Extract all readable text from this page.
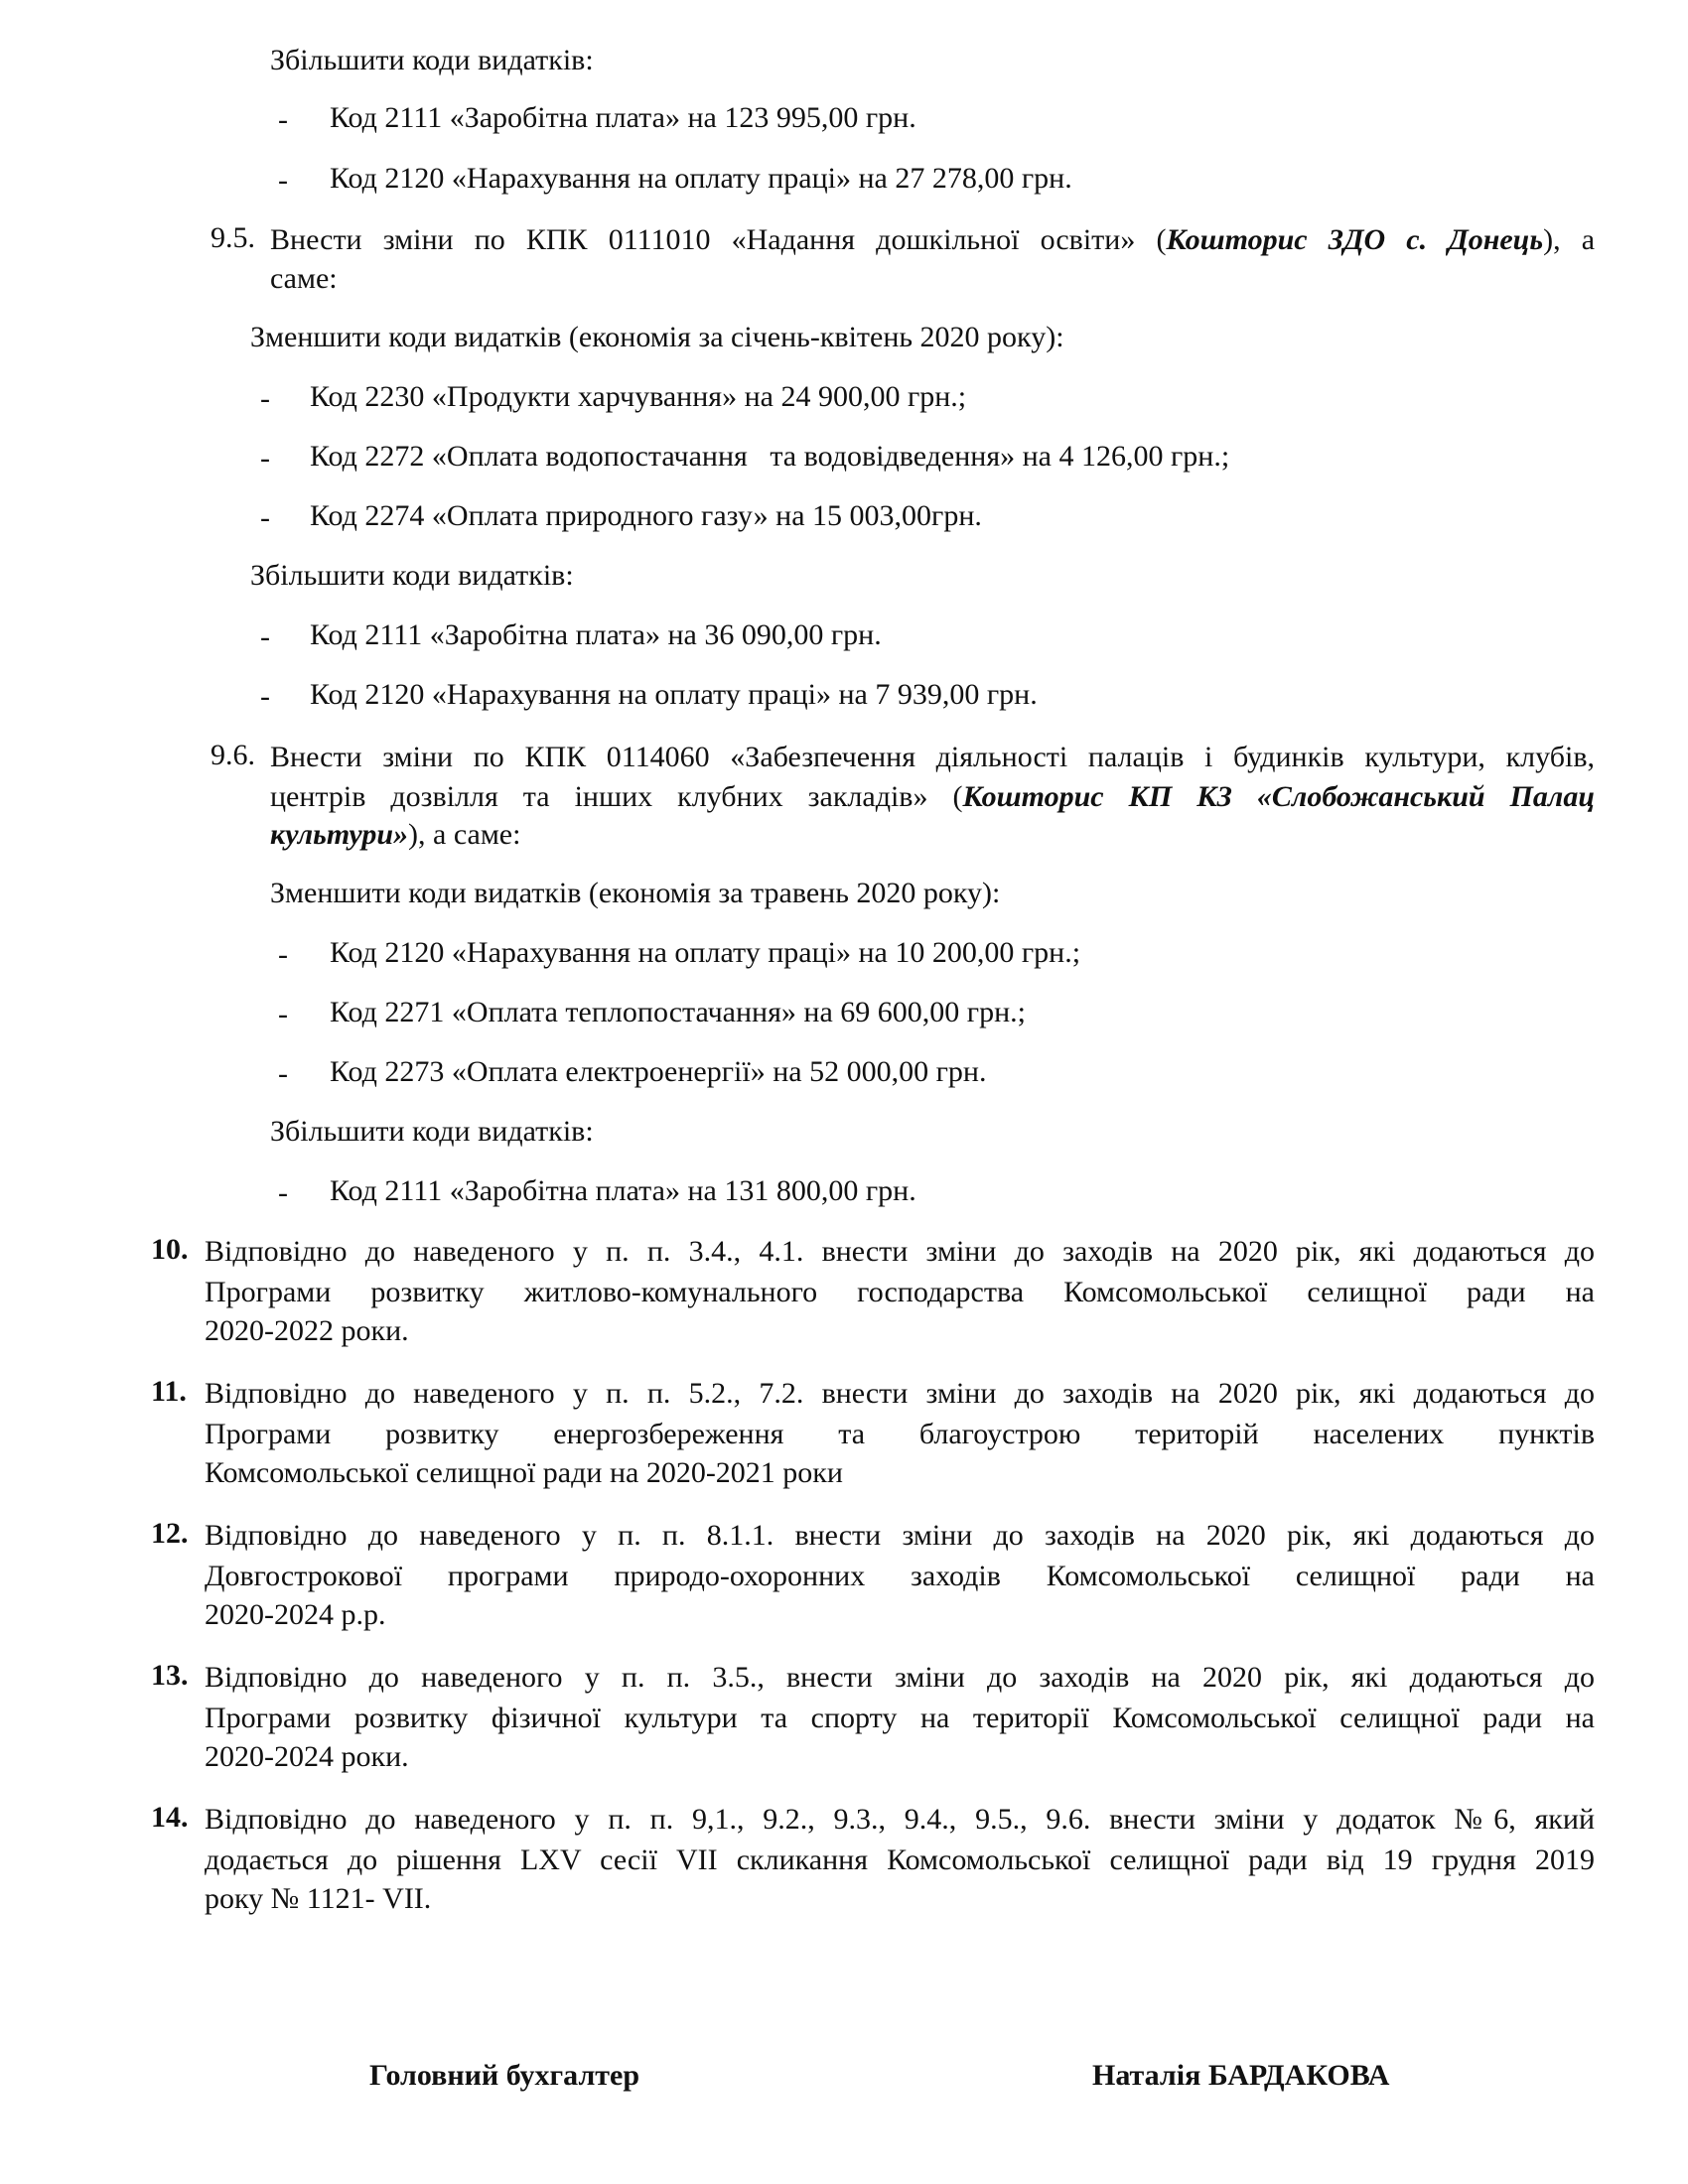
Збільшити коди видатків:
- Код 2111 «Заробітна плата» на 123 995,00 грн.
- Код 2120 «Нарахування на оплату праці» на 27 278,00 грн.
9.5. Внести зміни по КПК 0111010 «Надання дошкільної освіти» (Кошторис ЗДО с. Донець), а
саме:
Зменшити коди видатків (економія за січень-квітень 2020 року):
- Код 2230 «Продукти харчування» на 24 900,00 грн.;
- Код 2272 «Оплата водопостачання   та водовідведення» на 4 126,00 грн.;
- Код 2274 «Оплата природного газу» на 15 003,00грн.
Збільшити коди видатків:
- Код 2111 «Заробітна плата» на 36 090,00 грн.
- Код 2120 «Нарахування на оплату праці» на 7 939,00 грн.
9.6. Внести зміни по КПК 0114060 «Забезпечення діяльності палаців і будинків культури, клубів,
центрів дозвілля та інших клубних закладів» (Кошторис КП КЗ «Слобожанський Палац
культури»), а саме:
Зменшити коди видатків (економія за травень 2020 року):
- Код 2120 «Нарахування на оплату праці» на 10 200,00 грн.;
- Код 2271 «Оплата теплопостачання» на 69 600,00 грн.;
- Код 2273 «Оплата електроенергії» на 52 000,00 грн.
Збільшити коди видатків:
- Код 2111 «Заробітна плата» на 131 800,00 грн.
10. Відповідно до наведеного у п. п. 3.4., 4.1. внести зміни до заходів на 2020 рік, які додаються до
Програми розвитку житлово-комунального господарства Комсомольської селищної ради на
2020-2022 роки.
11. Відповідно до наведеного у п. п. 5.2., 7.2. внести зміни до заходів на 2020 рік, які додаються до
Програми розвитку енергозбереження та благоустрою територій населених пунктів
Комсомольської селищної ради на 2020-2021 роки
12. Відповідно до наведеного у п. п. 8.1.1. внести зміни до заходів на 2020 рік, які додаються до
Довгострокової програми природо-охоронних заходів Комсомольської селищної ради на
2020-2024 р.р.
13. Відповідно до наведеного у п. п. 3.5., внести зміни до заходів на 2020 рік, які додаються до
Програми розвитку фізичної культури та спорту на території Комсомольської селищної ради на
2020-2024 роки.
14. Відповідно до наведеного у п. п. 9,1., 9.2., 9.3., 9.4., 9.5., 9.6. внести зміни у додаток №6, який
додається до рішення LXV сесії VII скликання Комсомольської селищної ради від 19 грудня 2019
року № 1121- VII.
Головний бухгалтер	Наталія БАРДАКОВА
